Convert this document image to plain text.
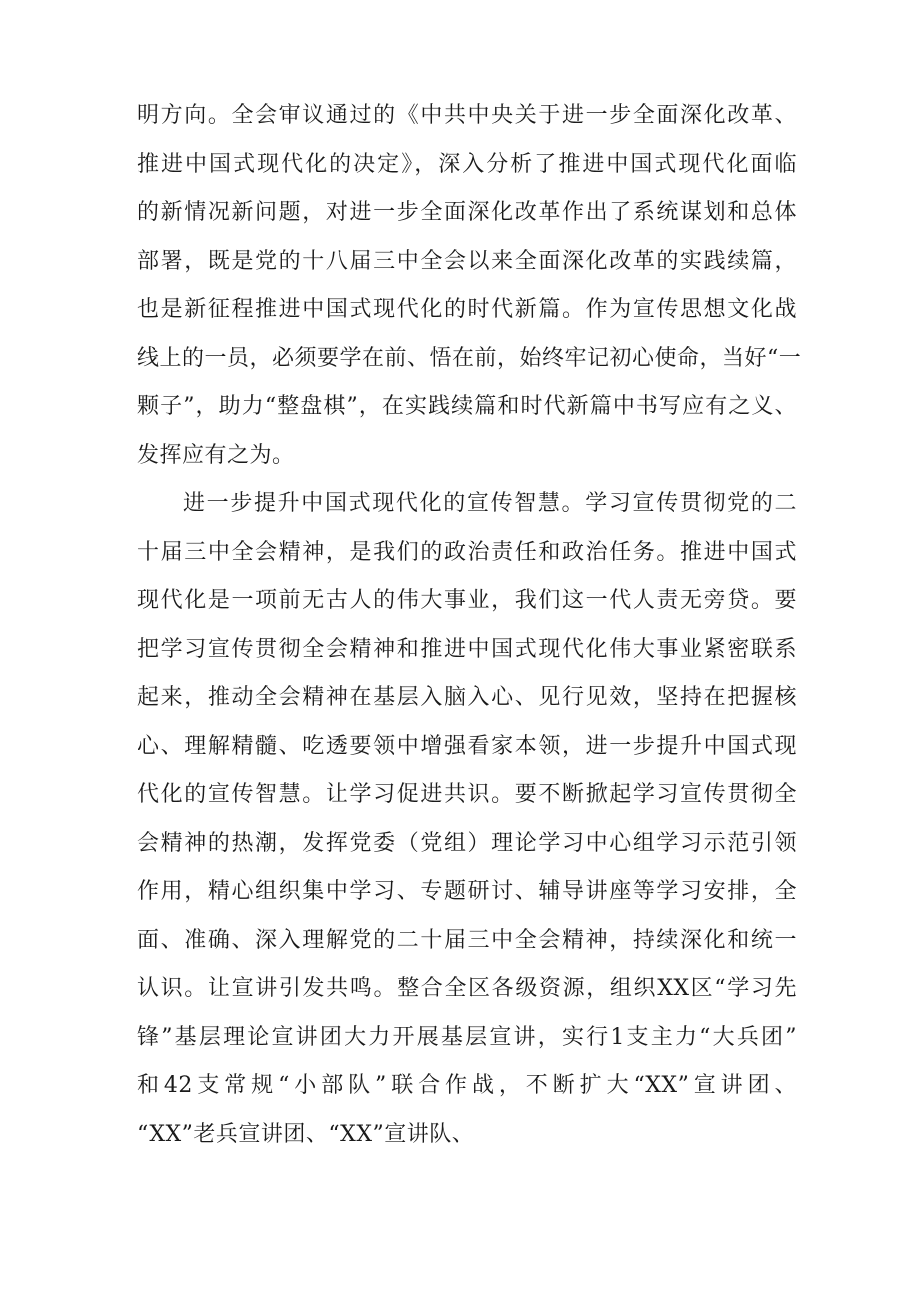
明方向。全会审议通过的《中共中央关于进一步全面深化改革、
推进中国式现代化的决定》，深入分析了推进中国式现代化面临
的新情况新问题，对进一步全面深化改革作出了系统谋划和总体
部署，既是党的十八届三中全会以来全面深化改革的实践续篇，
也是新征程推进中国式现代化的时代新篇。作为宣传思想文化战
线上的一员，必须要学在前、悟在前，始终牢记初心使命，当好“一
颗子”，助力“整盘棋”，在实践续篇和时代新篇中书写应有之义、
发挥应有之为。
进一步提升中国式现代化的宣传智慧。学习宣传贯彻党的二
十届三中全会精神，是我们的政治责任和政治任务。推进中国式
现代化是一项前无古人的伟大事业，我们这一代人责无旁贷。要
把学习宣传贯彻全会精神和推进中国式现代化伟大事业紧密联系
起来，推动全会精神在基层入脑入心、见行见效，坚持在把握核
心、理解精髓、吃透要领中增强看家本领，进一步提升中国式现
代化的宣传智慧。让学习促进共识。要不断掀起学习宣传贯彻全
会精神的热潮，发挥党委（党组）理论学习中心组学习示范引领
作用，精心组织集中学习、专题研讨、辅导讲座等学习安排，全
面、准确、深入理解党的二十届三中全会精神，持续深化和统一
认识。让宣讲引发共鸣。整合全区各级资源，组织XX区“学习先
锋”基层理论宣讲团大力开展基层宣讲，实行1支主力“大兵团”
和42支常规“小部队”联合作战，不断扩大“XX”宣讲团、
“XX”老兵宣讲团、“XX”宣讲队、
